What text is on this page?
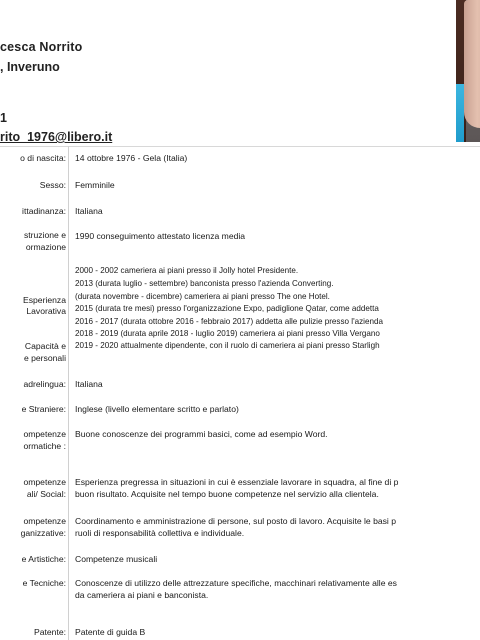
cesca Norrito
, Inveruno
1
rito_1976@libero.it
o di nascita: 14 ottobre 1976 - Gela (Italia)
Sesso: Femminile
ittadinanza: Italiana
struzione e
ormazione
1990 conseguimento attestato licenza media
Esperienza
Lavorativa
2000 - 2002 cameriera ai piani presso il Jolly hotel Presidente.
2013 (durata luglio - settembre) banconista presso l'azienda Converting.
(durata novembre - dicembre) cameriera ai piani presso The one Hotel.
2015 (durata tre mesi) presso l'organizzazione Expo, padiglione Qatar, come addetta
2016 - 2017 (durata ottobre 2016 - febbraio 2017) addetta alle pulizie presso l'azienda
2018 - 2019 (durata aprile 2018 - luglio 2019) cameriera ai piani presso Villa Vergano
2019 - 2020 attualmente dipendente, con il ruolo di cameriera ai piani presso Starligh
Capacità e
e personali
adrelingua: Italiana
e Straniere: Inglese (livello elementare scritto e parlato)
ompetenze
ormatiche :
Buone conoscenze dei programmi basici, come ad esempio Word.
ompetenze
ali/ Social:
Esperienza pregressa in situazioni in cui è essenziale lavorare in squadra, al fine di p
buon risultato. Acquisite nel tempo buone competenze nel servizio alla clientela.
ompetenze
ganizzative:
Coordinamento e amministrazione di persone, sul posto di lavoro. Acquisite le basi p
ruoli di responsabilità collettiva e individuale.
e Artistiche: Competenze musicali
e Tecniche: Conoscenze di utilizzo delle attrezzature specifiche, macchinari relativamente alle es
da cameriera ai piani e banconista.
Patente: Patente di guida B
